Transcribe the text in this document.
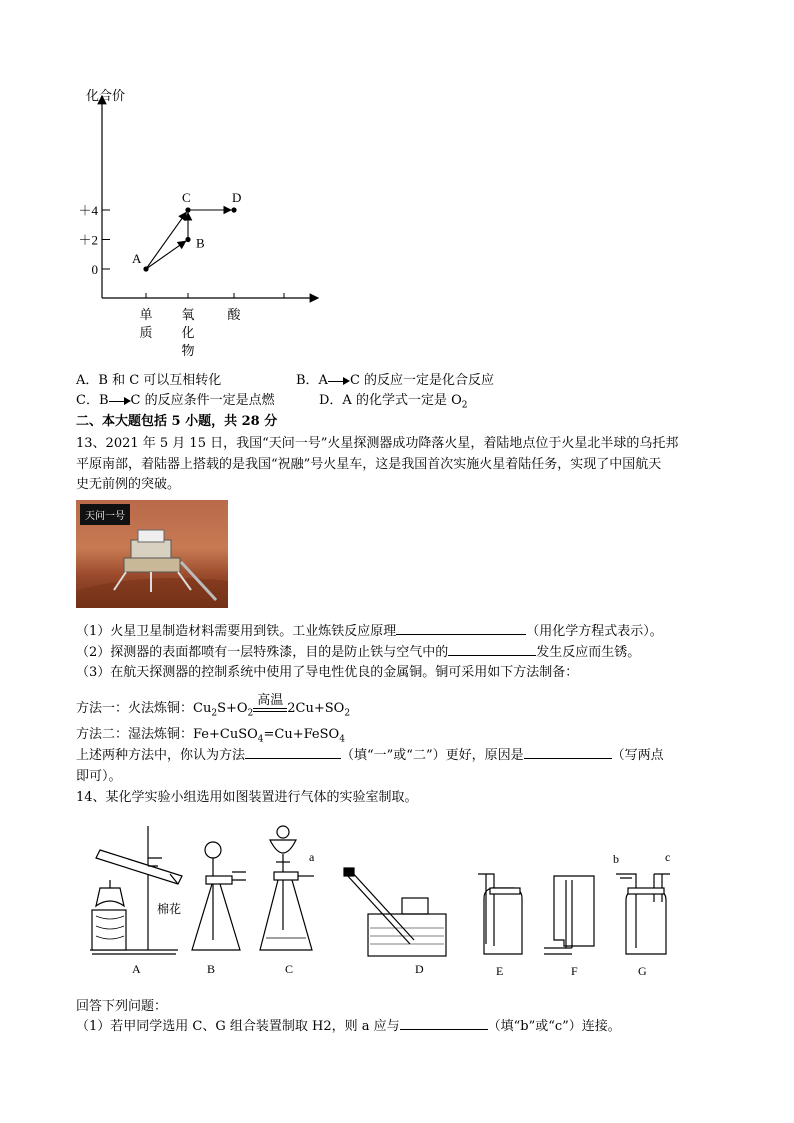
化合价
＋4
＋2
0
单
质
氧
化
物
酸
A
B
C	D
A．B 和 C 可以互相转化	B．A C 的反应一定是化合反应
C．B C 的反应条件一定是点燃	D．A 的化学式一定是 $O_2$
二、本大题包括 5 小题，共 28 分
13、2021 年 5 月 15 日，我国“天问一号”火星探测器成功降落火星，着陆地点位于火星北半球的乌托邦
平原南部，着陆器上搭载的是我国“祝融”号火星车，这是我国首次实施火星着陆任务，实现了中国航天
史无前例的突破。
天问一号
（1）火星卫星制造材料需要用到铁。工业炼铁反应原理	（用化学方程式表示）。
（2）探测器的表面都喷有一层特殊漆，目的是防止铁与空气中的	发生反应而生锈。
（3）在航天探测器的控制系统中使用了导电性优良的金属铜。铜可采用如下方法制备：
方法一：火法炼铜：$Cu_2S+O_2$
高温
$2Cu+SO_2$
方法二：湿法炼铜：Fe+CuSO$_4$=Cu+FeSO$_4$
上述两种方法中，你认为方法	（填“一”或“二”）更好，原因是	（写两点
即可）。
14、某化学实验小组选用如图装置进行气体的实验室制取。
棉花
a	b	c
A	B	C	D	E	F	G
回答下列问题：
（1）若甲同学选用 C、G 组合装置制取 H2，则 a 应与	（填“b”或“c”）连接。
